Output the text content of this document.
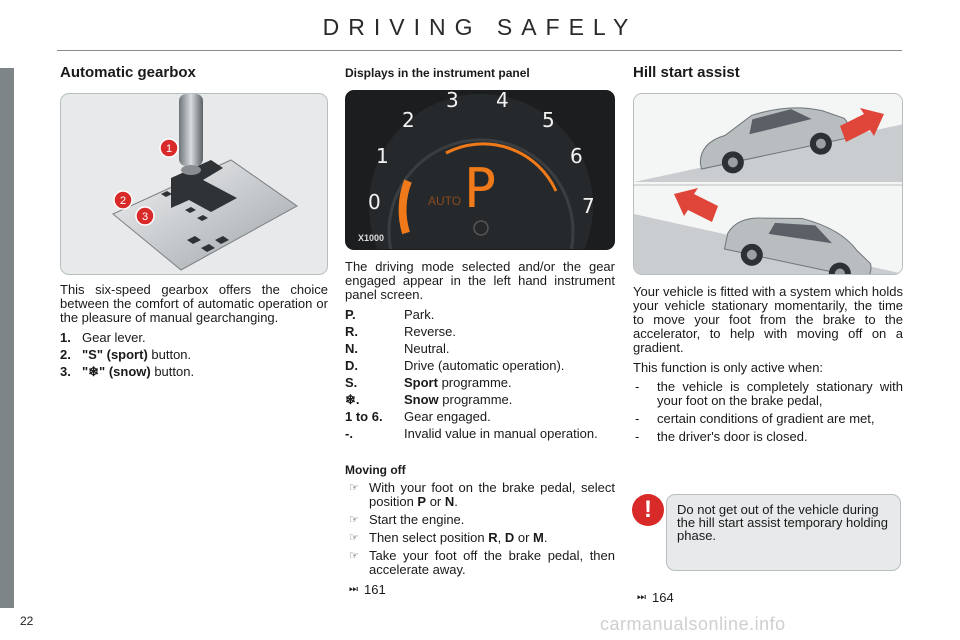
DRIVING SAFELY
Automatic gearbox
1
2
3

This six-speed gearbox offers the choice between the comfort of automatic operation or the pleasure of manual gearchanging.

1. Gear lever.
2. "S" (sport) button.
3. "❄" (snow) button.
Displays in the instrument panel
0
1
2
3 4
5
6
7
X1000
P
AUTO

The driving mode selected and/or the gear engaged appear in the left hand instrument panel screen.

P.	Park.
R.	Reverse.
N.	Neutral.
D.	Drive (automatic operation).
S.	Sport programme.
❄.	Snow programme.
1 to 6.	Gear engaged.
-.	Invalid value in manual operation.
Moving off
☞ With your foot on the brake pedal, select position P or N.
☞ Start the engine.
☞ Then select position R, D or M.
☞ Take your foot off the brake pedal, then accelerate away.
⏭ 161
Hill start assist

Your vehicle is fitted with a system which holds your vehicle stationary momentarily, the time to move your foot from the brake to the accelerator, to help with moving off on a gradient.

This function is only active when:

-	the vehicle is completely stationary with your foot on the brake pedal,
-	certain conditions of gradient are met,
-	the driver's door is closed.
!	Do not get out of the vehicle during the hill start assist temporary holding phase.
⏭ 164
22	carmanualsonline.info
